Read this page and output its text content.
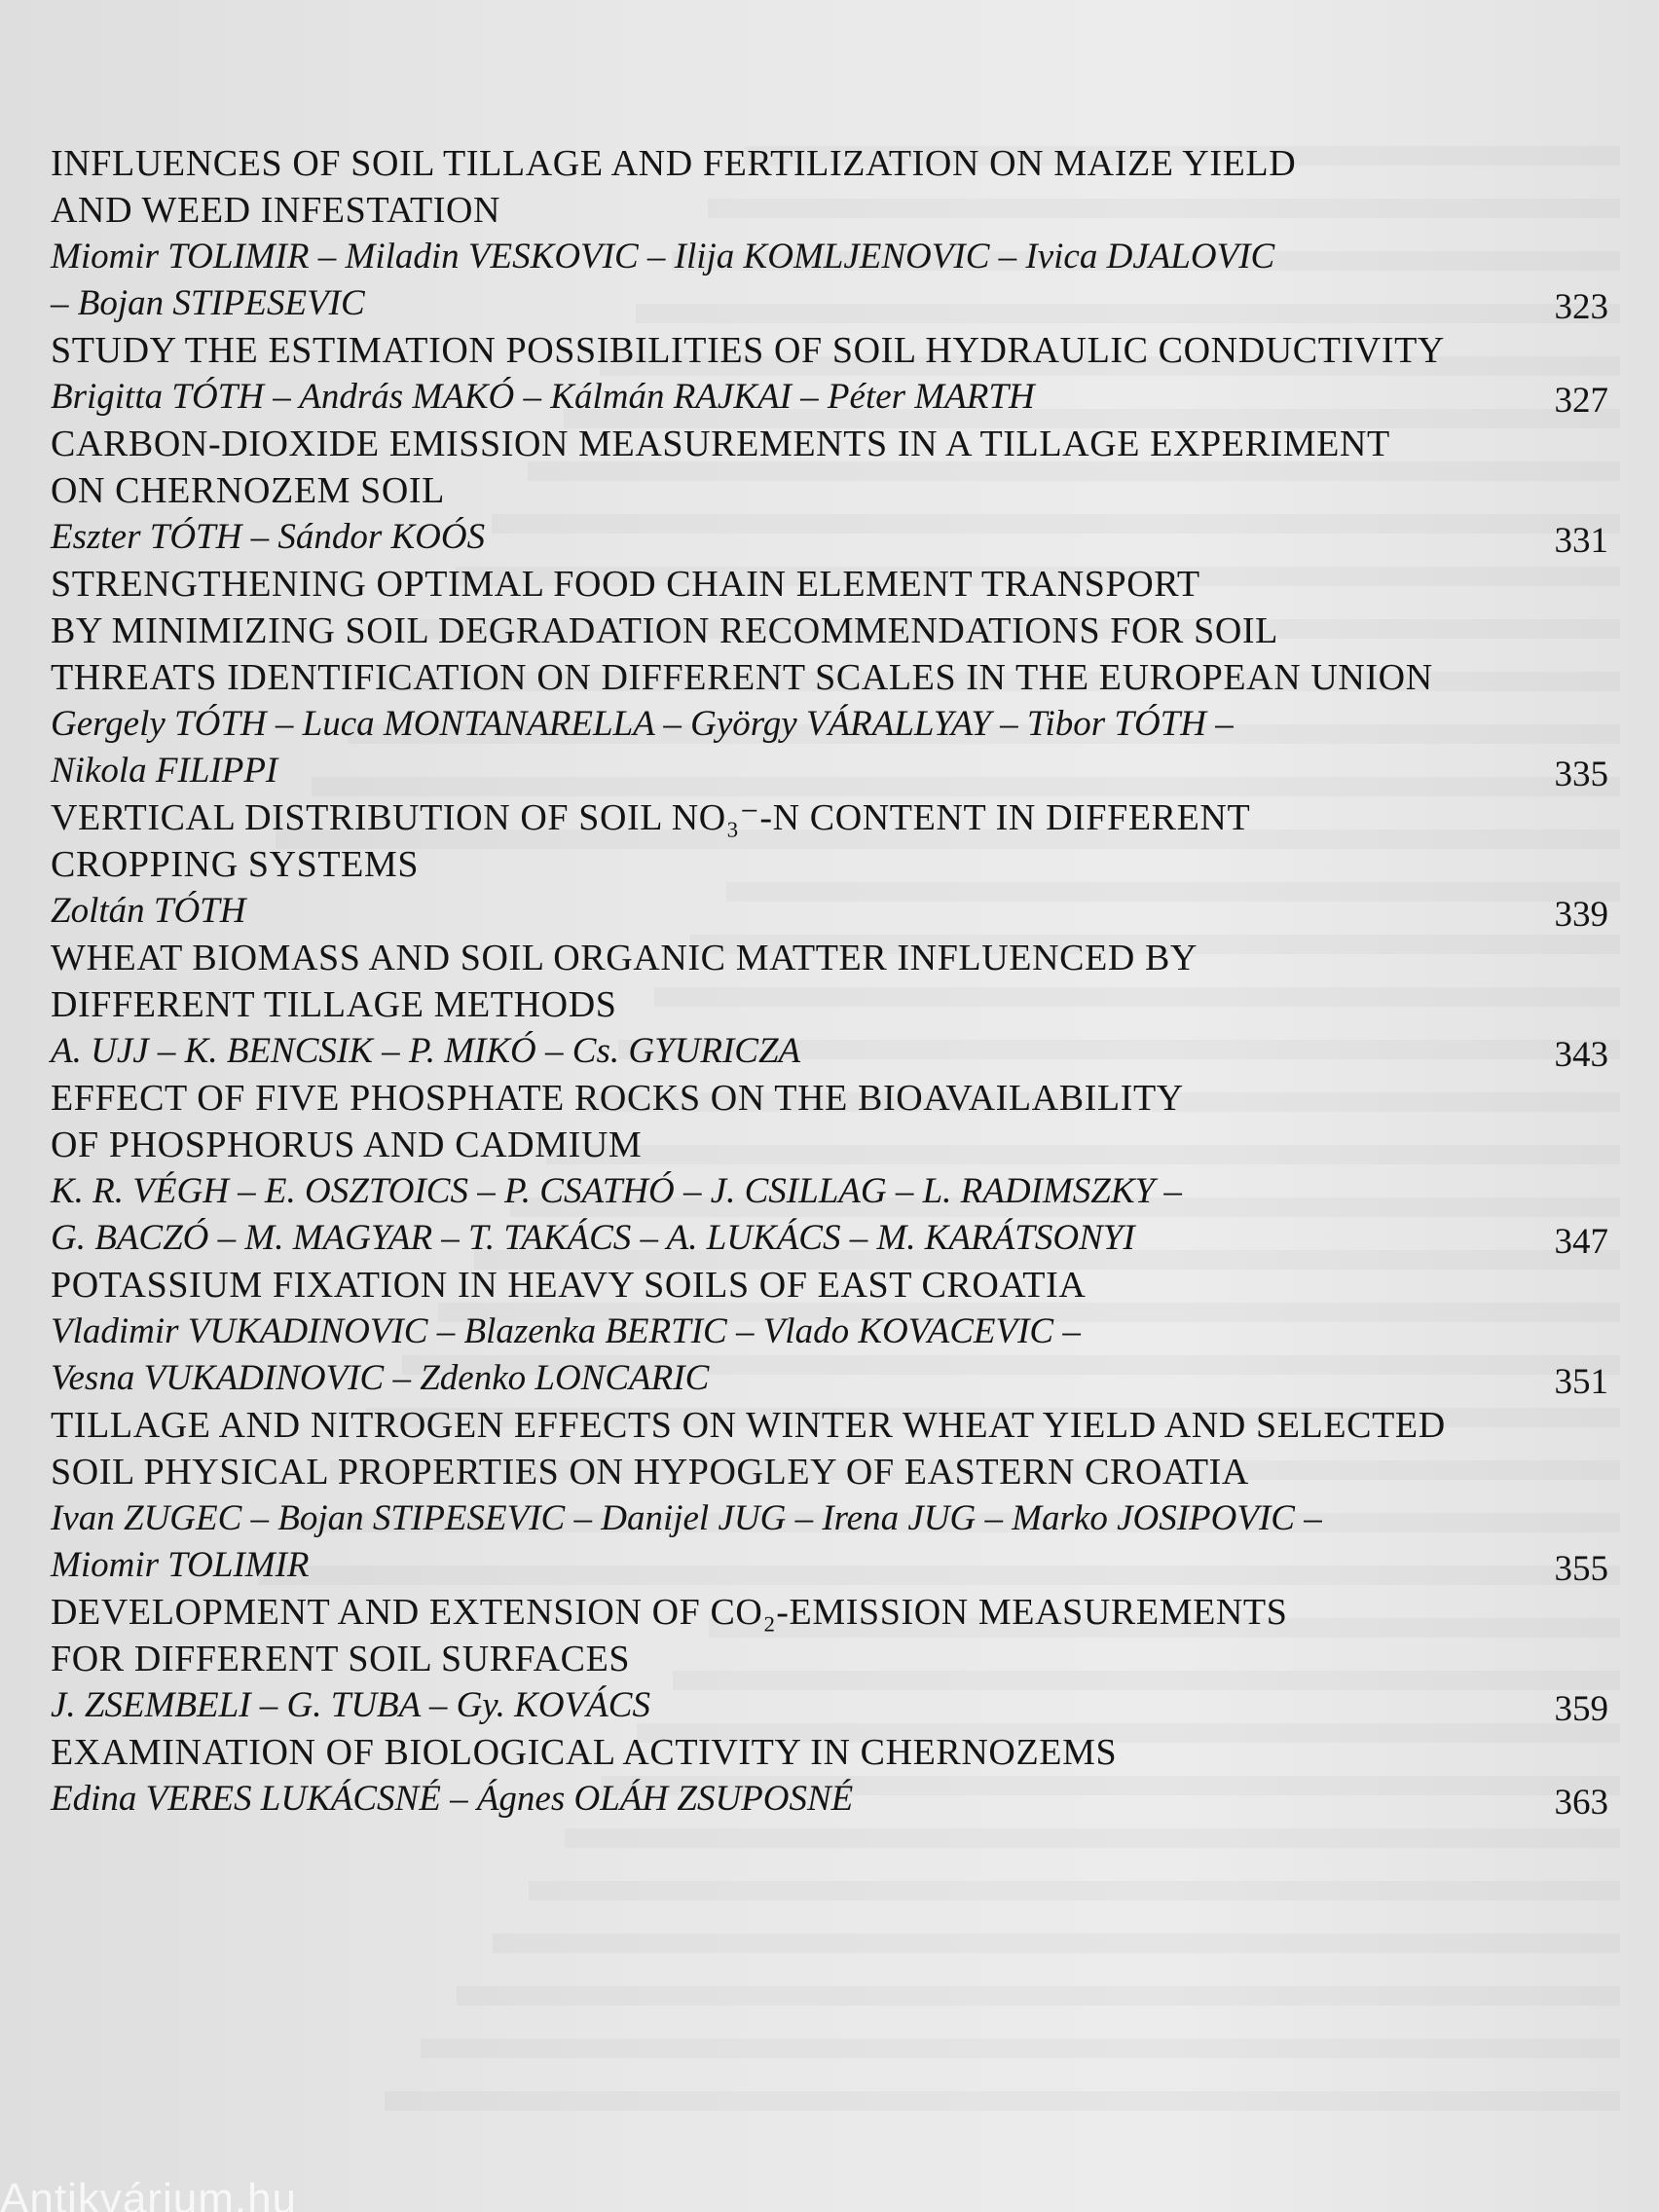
INFLUENCES OF SOIL TILLAGE AND FERTILIZATION ON MAIZE YIELD
AND WEED INFESTATION
Miomir TOLIMIR – Miladin VESKOVIC – Ilija KOMLJENOVIC – Ivica DJALOVIC
– Bojan STIPESEVIC	323
STUDY THE ESTIMATION POSSIBILITIES OF SOIL HYDRAULIC CONDUCTIVITY
Brigitta TÓTH – András MAKÓ – Kálmán RAJKAI – Péter MARTH	327
CARBON-DIOXIDE EMISSION MEASUREMENTS IN A TILLAGE EXPERIMENT
ON CHERNOZEM SOIL
Eszter TÓTH – Sándor KOÓS	331
STRENGTHENING OPTIMAL FOOD CHAIN ELEMENT TRANSPORT
BY MINIMIZING SOIL DEGRADATION RECOMMENDATIONS FOR SOIL
THREATS IDENTIFICATION ON DIFFERENT SCALES IN THE EUROPEAN UNION
Gergely TÓTH – Luca MONTANARELLA – György VÁRALLYAY – Tibor TÓTH –
Nikola FILIPPI	335
VERTICAL DISTRIBUTION OF SOIL NO₃⁻-N CONTENT IN DIFFERENT
CROPPING SYSTEMS
Zoltán TÓTH	339
WHEAT BIOMASS AND SOIL ORGANIC MATTER INFLUENCED BY
DIFFERENT TILLAGE METHODS
A. UJJ – K. BENCSIK – P. MIKÓ – Cs. GYURICZA	343
EFFECT OF FIVE PHOSPHATE ROCKS ON THE BIOAVAILABILITY
OF PHOSPHORUS AND CADMIUM
K. R. VÉGH – E. OSZTOICS – P. CSATHÓ – J. CSILLAG – L. RADIMSZKY –
G. BACZÓ – M. MAGYAR – T. TAKÁCS – A. LUKÁCS – M. KARÁTSONYI	347
POTASSIUM FIXATION IN HEAVY SOILS OF EAST CROATIA
Vladimir VUKADINOVIC – Blazenka BERTIC – Vlado KOVACEVIC –
Vesna VUKADINOVIC – Zdenko LONCARIC	351
TILLAGE AND NITROGEN EFFECTS ON WINTER WHEAT YIELD AND SELECTED
SOIL PHYSICAL PROPERTIES ON HYPOGLEY OF EASTERN CROATIA
Ivan ZUGEC – Bojan STIPESEVIC – Danijel JUG – Irena JUG – Marko JOSIPOVIC –
Miomir TOLIMIR	355
DEVELOPMENT AND EXTENSION OF CO₂-EMISSION MEASUREMENTS
FOR DIFFERENT SOIL SURFACES
J. ZSEMBELI – G. TUBA – Gy. KOVÁCS	359
EXAMINATION OF BIOLOGICAL ACTIVITY IN CHERNOZEMS
Edina VERES LUKÁCSNÉ – Ágnes OLÁH ZSUPOSNÉ	363
Antikvárium.hu
